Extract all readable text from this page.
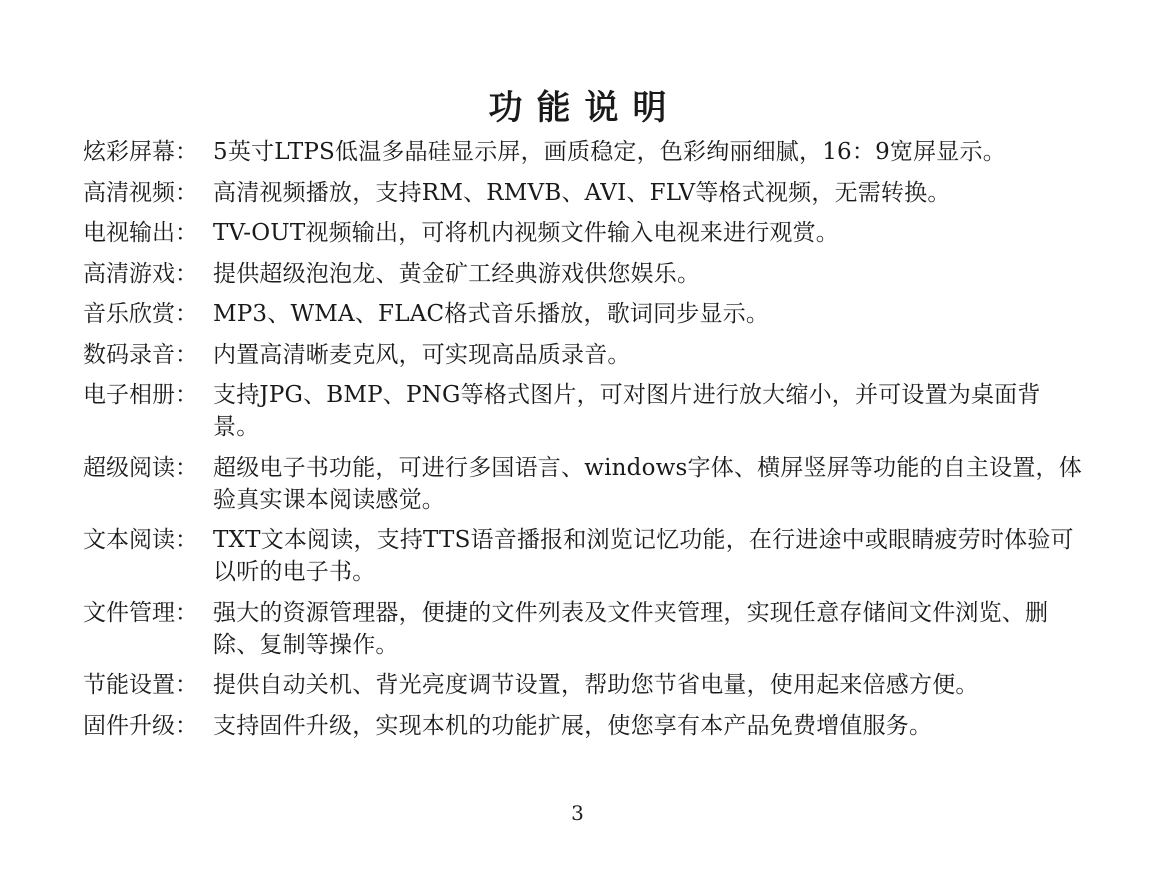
功能说明
炫彩屏幕： 5英寸LTPS低温多晶硅显示屏，画质稳定，色彩绚丽细腻，16：9宽屏显示。
高清视频： 高清视频播放，支持RM、RMVB、AVI、FLV等格式视频，无需转换。
电视输出： TV-OUT视频输出，可将机内视频文件输入电视来进行观赏。
高清游戏： 提供超级泡泡龙、黄金矿工经典游戏供您娱乐。
音乐欣赏： MP3、WMA、FLAC格式音乐播放，歌词同步显示。
数码录音： 内置高清晰麦克风，可实现高品质录音。
电子相册： 支持JPG、BMP、PNG等格式图片，可对图片进行放大缩小，并可设置为桌面背景。
超级阅读： 超级电子书功能，可进行多国语言、windows字体、横屏竖屏等功能的自主设置，体验真实课本阅读感觉。
文本阅读： TXT文本阅读，支持TTS语音播报和浏览记忆功能，在行进途中或眼睛疲劳时体验可以听的电子书。
文件管理： 强大的资源管理器，便捷的文件列表及文件夹管理，实现任意存储间文件浏览、删除、复制等操作。
节能设置： 提供自动关机、背光亮度调节设置，帮助您节省电量，使用起来倍感方便。
固件升级： 支持固件升级，实现本机的功能扩展，使您享有本产品免费增值服务。
3
